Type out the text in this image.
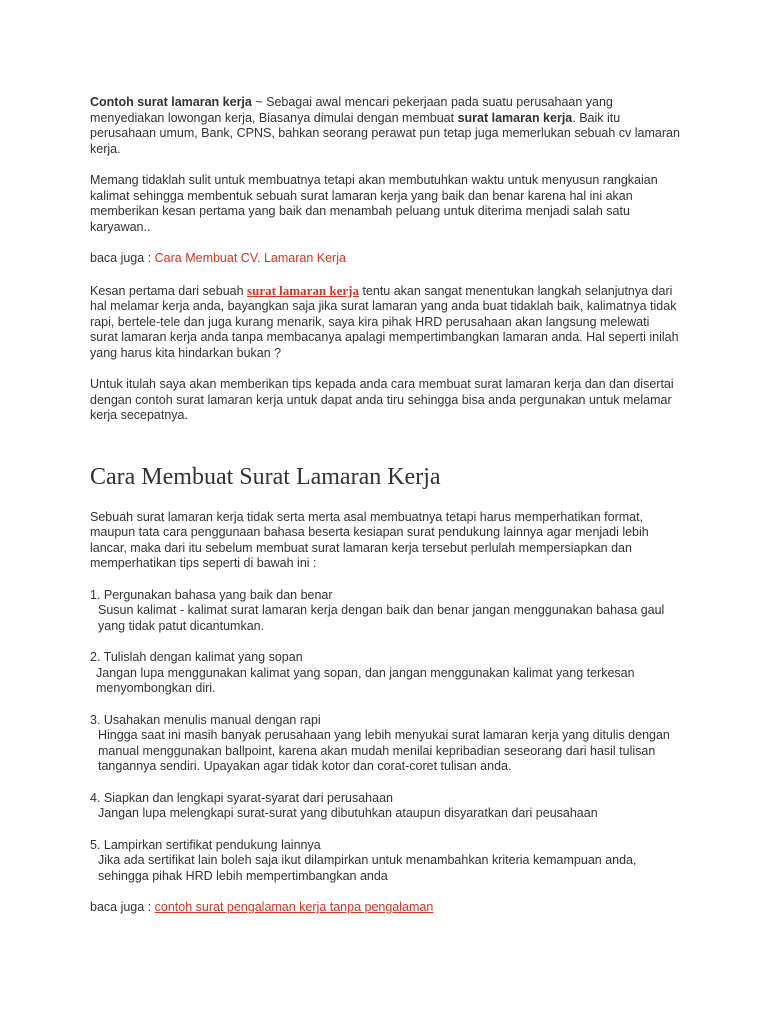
Contoh surat lamaran kerja ~ Sebagai awal mencari pekerjaan pada suatu perusahaan yang menyediakan lowongan kerja, Biasanya dimulai dengan membuat surat lamaran kerja. Baik itu perusahaan umum, Bank, CPNS, bahkan seorang perawat pun tetap juga memerlukan sebuah cv lamaran kerja.

Memang tidaklah sulit untuk membuatnya tetapi akan membutuhkan waktu untuk menyusun rangkaian kalimat sehingga membentuk sebuah surat lamaran kerja yang baik dan benar karena hal ini akan memberikan kesan pertama yang baik dan menambah peluang untuk diterima menjadi salah satu karyawan..

baca juga : Cara Membuat CV. Lamaran Kerja

Kesan pertama dari sebuah surat lamaran kerja tentu akan sangat menentukan langkah selanjutnya dari hal melamar kerja anda, bayangkan saja jika surat lamaran yang anda buat tidaklah baik, kalimatnya tidak rapi, bertele-tele dan juga kurang menarik, saya kira pihak HRD perusahaan akan langsung melewati surat lamaran kerja anda tanpa membacanya apalagi mempertimbangkan lamaran anda. Hal seperti inilah yang harus kita hindarkan bukan ?

Untuk itulah saya akan memberikan tips kepada anda cara membuat surat lamaran kerja dan dan disertai dengan contoh surat lamaran kerja untuk dapat anda tiru sehingga bisa anda pergunakan untuk melamar kerja secepatnya.

Cara Membuat Surat Lamaran Kerja

Sebuah surat lamaran kerja tidak serta merta asal membuatnya tetapi harus memperhatikan format, maupun tata cara penggunaan bahasa beserta kesiapan surat pendukung lainnya agar menjadi lebih lancar, maka dari itu sebelum membuat surat lamaran kerja tersebut perlulah mempersiapkan dan memperhatikan tips seperti di bawah ini :

1. Pergunakan bahasa yang baik dan benar

Susun kalimat - kalimat surat lamaran kerja dengan baik dan benar jangan menggunakan bahasa gaul yang tidak patut dicantumkan.

2. Tulislah dengan kalimat yang sopan

Jangan lupa menggunakan kalimat yang sopan, dan jangan menggunakan kalimat yang terkesan menyombongkan diri.

3. Usahakan menulis manual dengan rapi

Hingga saat ini masih banyak perusahaan yang lebih menyukai surat lamaran kerja yang ditulis dengan manual menggunakan ballpoint, karena akan mudah menilai kepribadian seseorang dari hasil tulisan tangannya sendiri. Upayakan agar tidak kotor dan corat-coret tulisan anda.

4. Siapkan dan lengkapi syarat-syarat dari perusahaan

Jangan lupa melengkapi surat-surat yang dibutuhkan ataupun disyaratkan dari peusahaan

5. Lampirkan sertifikat pendukung lainnya

Jika ada sertifikat lain boleh saja ikut dilampirkan untuk menambahkan kriteria kemampuan anda, sehingga pihak HRD lebih mempertimbangkan anda

baca juga : contoh surat pengalaman kerja tanpa pengalaman
